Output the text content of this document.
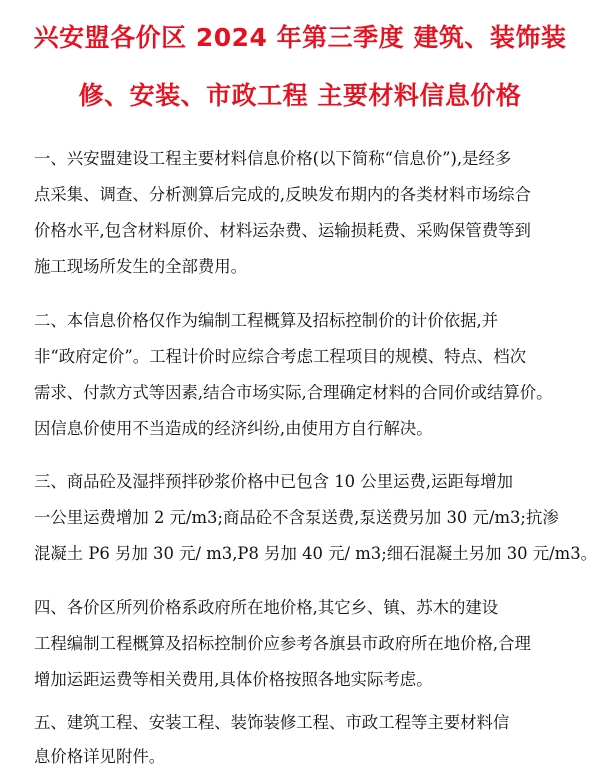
兴安盟各价区 2024 年第三季度 建筑、装饰装
修、安装、市政工程 主要材料信息价格
一、兴安盟建设工程主要材料信息价格(以下简称“信息价”),是经多
点采集、调查、分析测算后完成的,反映发布期内的各类材料市场综合
价格水平,包含材料原价、材料运杂费、运输损耗费、采购保管费等到
施工现场所发生的全部费用。
二、本信息价格仅作为编制工程概算及招标控制价的计价依据,并
非“政府定价”。工程计价时应综合考虑工程项目的规模、特点、档次
需求、付款方式等因素,结合市场实际,合理确定材料的合同价或结算价。
因信息价使用不当造成的经济纠纷,由使用方自行解决。
三、商品砼及湿拌预拌砂浆价格中已包含 10 公里运费,运距每增加
一公里运费增加 2 元/m3;商品砼不含泵送费,泵送费另加 30 元/m3;抗渗
混凝土 P6 另加 30 元/ m3,P8 另加 40 元/ m3;细石混凝土另加 30 元/m3。
四、各价区所列价格系政府所在地价格,其它乡、镇、苏木的建设
工程编制工程概算及招标控制价应参考各旗县市政府所在地价格,合理
增加运距运费等相关费用,具体价格按照各地实际考虑。
五、建筑工程、安装工程、装饰装修工程、市政工程等主要材料信
息价格详见附件。
